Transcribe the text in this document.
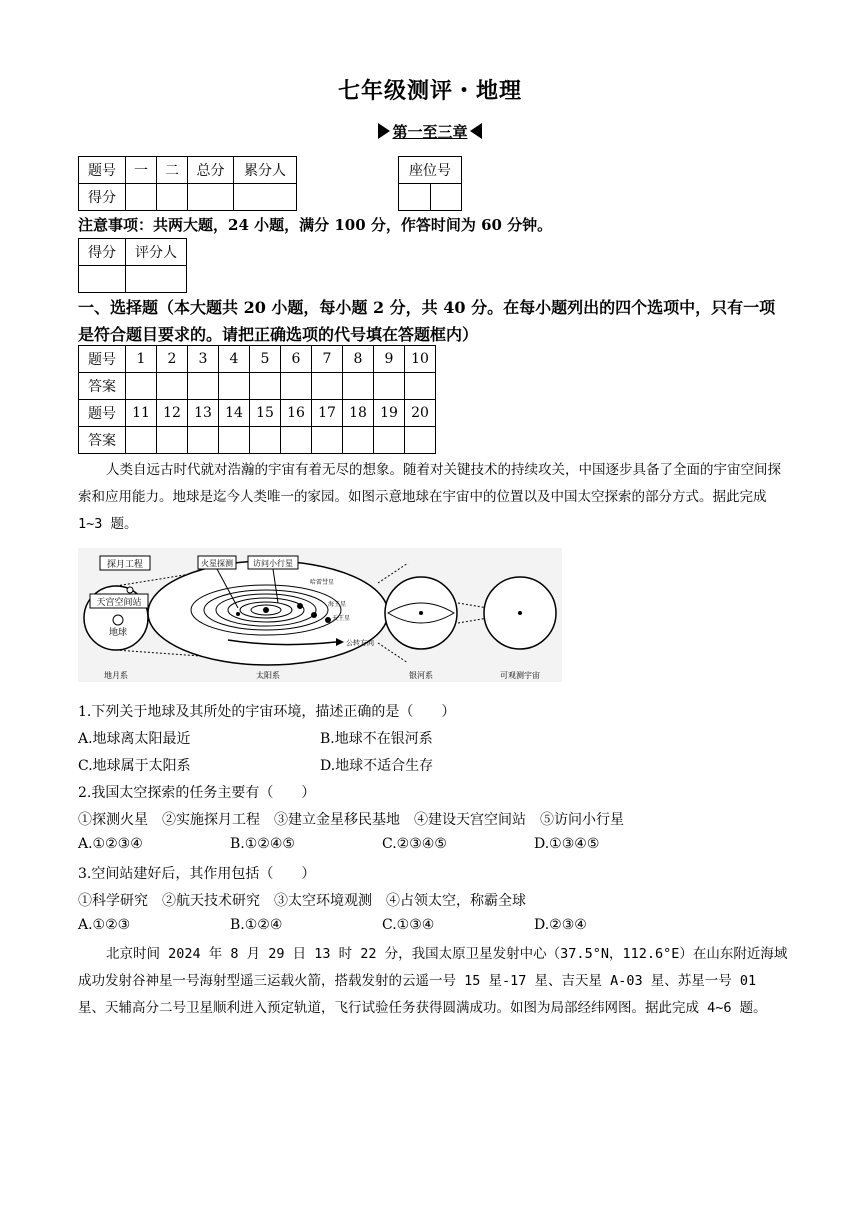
七年级测评・地理
第一至三章
题号	一	二	总分	累分人
得分				
座位号

注意事项：共两大题，24 小题，满分 100 分，作答时间为 60 分钟。
得分	评分人

一、选择题（本大题共 20 小题，每小题 2 分，共 40 分。在每小题列出的四个选项中，只有一项是符合题目要求的。请把正确选项的代号填在答题框内）
题号	1	2	3	4	5	6	7	8	9	10
答案										
题号	11	12	13	14	15	16	17	18	19	20
答案										
人类自远古时代就对浩瀚的宇宙有着无尽的想象。随着对关键技术的持续攻关，中国逐步具备了全面的宇宙空间探索和应用能力。地球是迄今人类唯一的家园。如图示意地球在宇宙中的位置以及中国太空探索的部分方式。据此完成 1~3 题。
探月工程
天宫空间站
地球
地月系
火星探测	访问小行星
哈雷彗星
海王星
天王星
公转方向
太阳系	银河系	可观测宇宙
1.下列关于地球及其所处的宇宙环境，描述正确的是（　　）
A.地球离太阳最近	B.地球不在银河系
C.地球属于太阳系	D.地球不适合生存
2.我国太空探索的任务主要有（　　）
①探测火星　②实施探月工程　③建立金星移民基地　④建设天宫空间站　⑤访问小行星
A.①②③④	B.①②④⑤	C.②③④⑤	D.①③④⑤
3.空间站建好后，其作用包括（　　）
①科学研究　②航天技术研究　③太空环境观测　④占领太空，称霸全球
A.①②③	B.①②④	C.①③④	D.②③④
北京时间 2024 年 8 月 29 日 13 时 22 分，我国太原卫星发射中心（37.5°N，112.6°E）在山东附近海域成功发射谷神星一号海射型遥三运载火箭，搭载发射的云遥一号 15 星-17 星、吉天星 A-03 星、苏星一号 01 星、天辅高分二号卫星顺利进入预定轨道，飞行试验任务获得圆满成功。如图为局部经纬网图。据此完成 4~6 题。
